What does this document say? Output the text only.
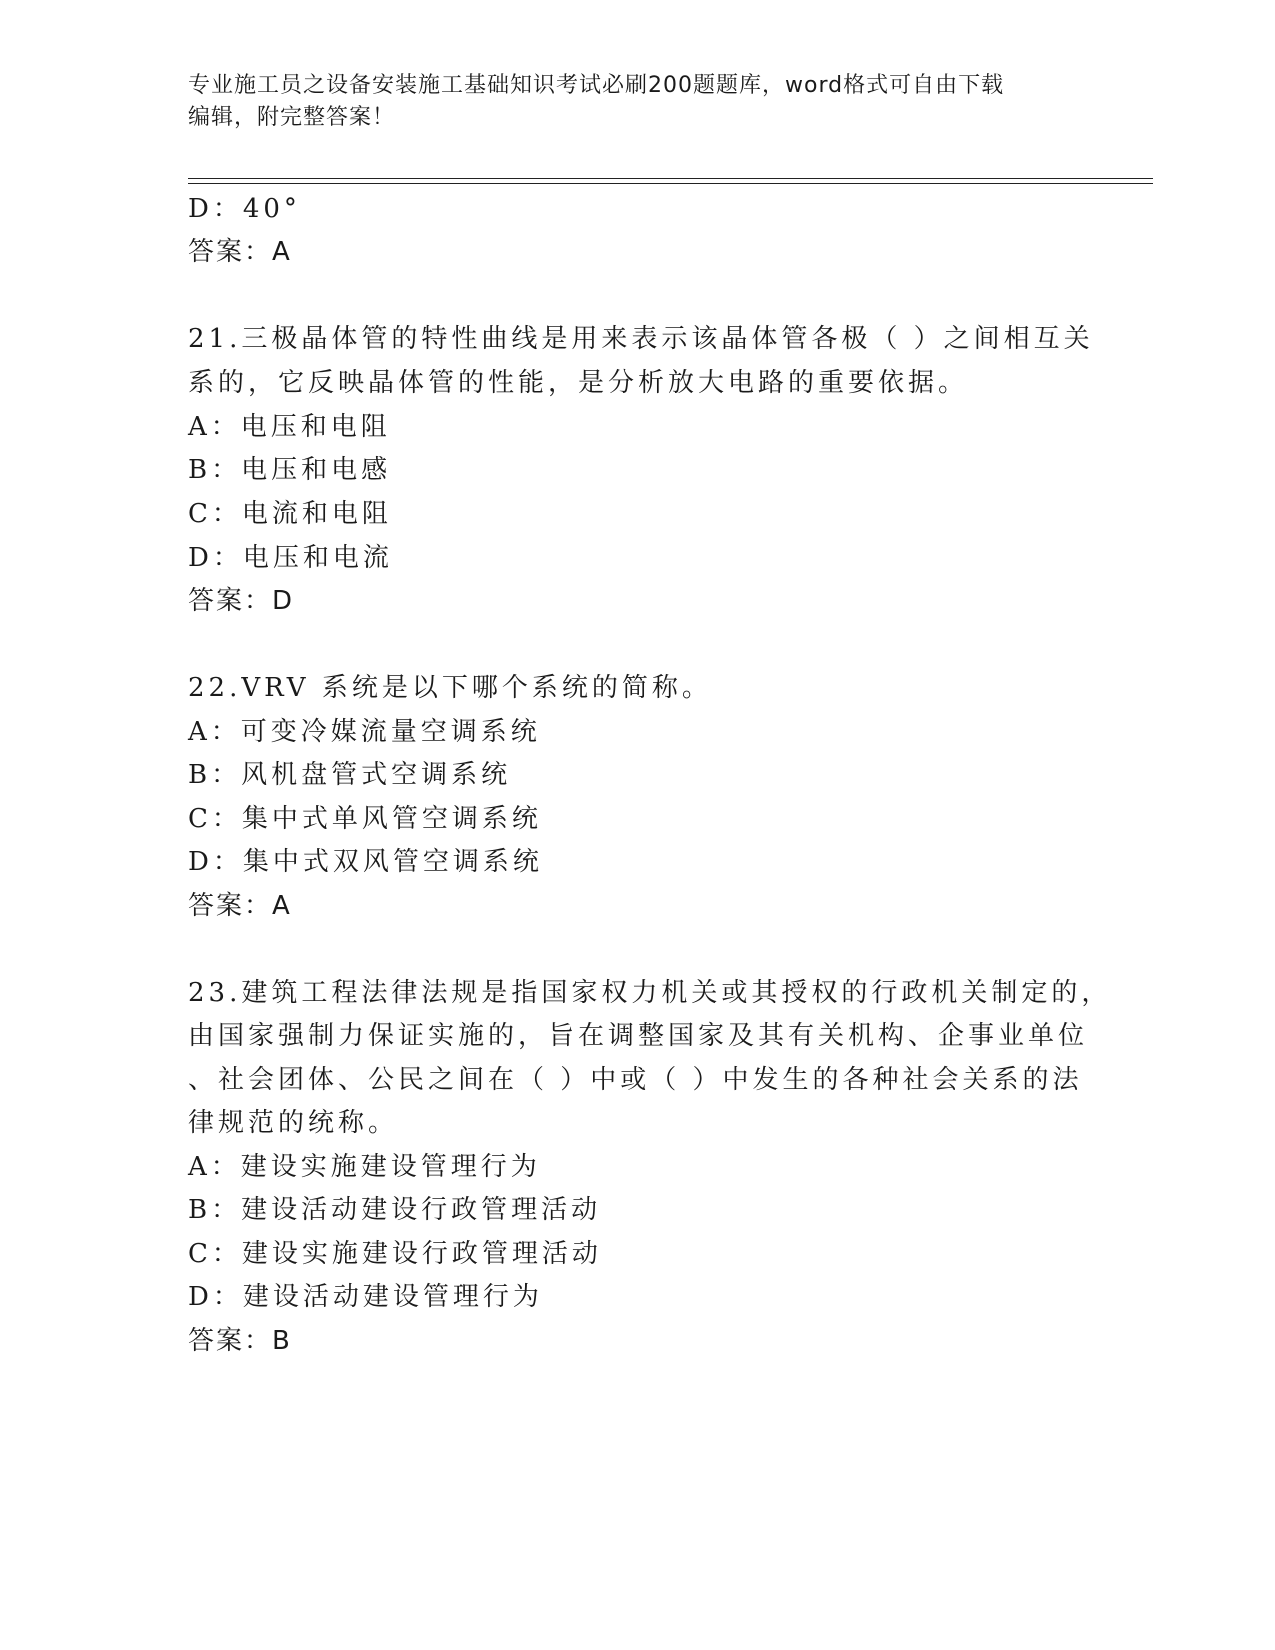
专业施工员之设备安装施工基础知识考试必刷200题题库，word格式可自由下载
编辑，附完整答案！
D：40°
答案：A
21.三极晶体管的特性曲线是用来表示该晶体管各极（ ）之间相互关
系的，它反映晶体管的性能，是分析放大电路的重要依据。
A：电压和电阻
B：电压和电感
C：电流和电阻
D：电压和电流
答案：D
22.VRV 系统是以下哪个系统的简称。
A：可变冷媒流量空调系统
B：风机盘管式空调系统
C：集中式单风管空调系统
D：集中式双风管空调系统
答案：A
23.建筑工程法律法规是指国家权力机关或其授权的行政机关制定的，
由国家强制力保证实施的，旨在调整国家及其有关机构、企事业单位
、社会团体、公民之间在（ ）中或（ ）中发生的各种社会关系的法
律规范的统称。
A：建设实施建设管理行为
B：建设活动建设行政管理活动
C：建设实施建设行政管理活动
D：建设活动建设管理行为
答案：B
